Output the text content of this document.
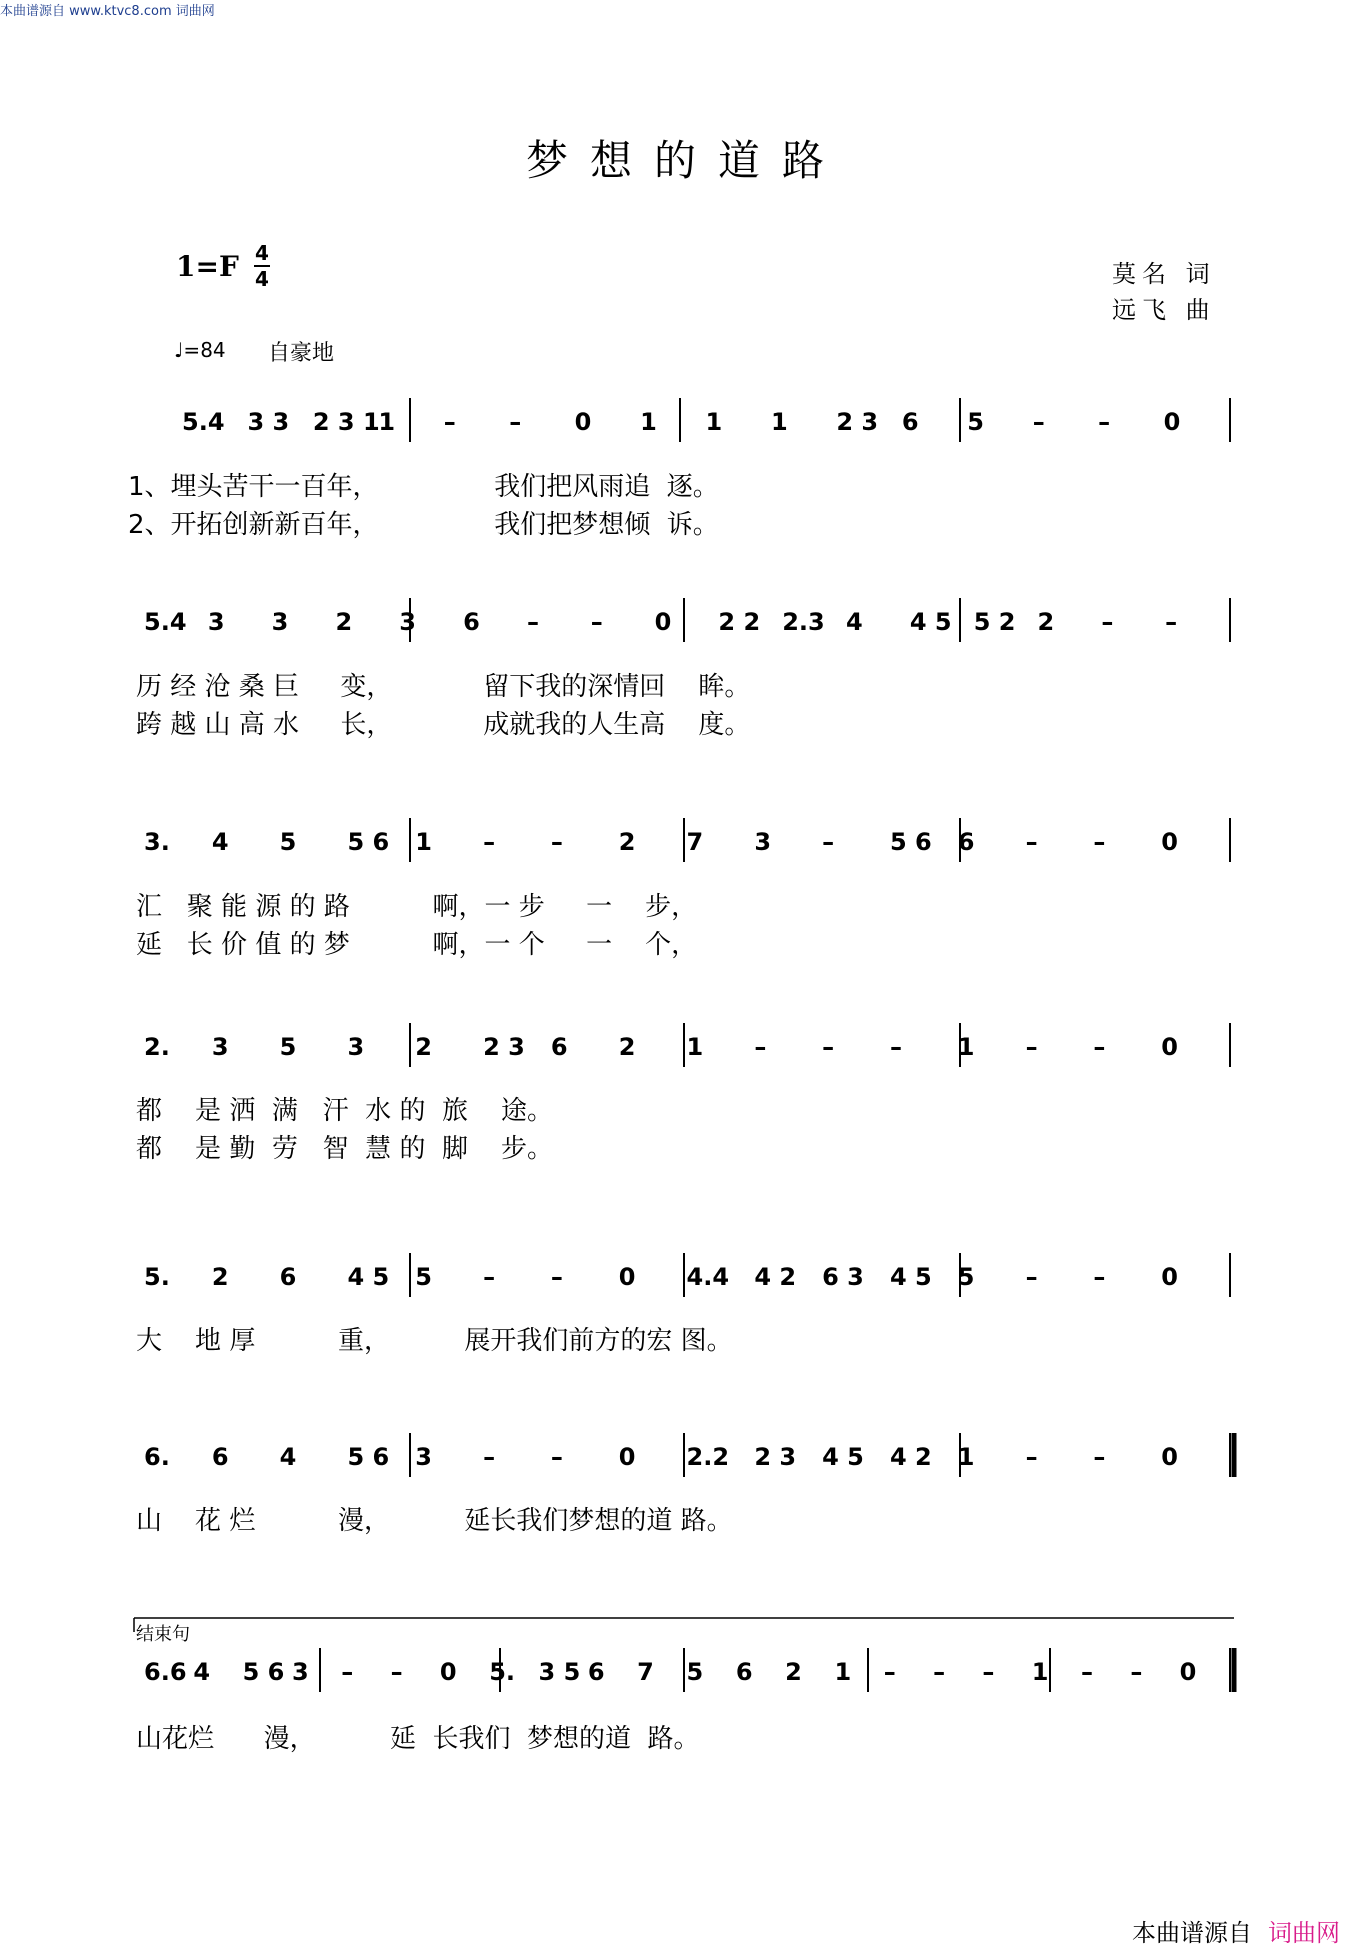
本曲谱源自 www.ktvc8.com 词曲网
梦想的道路
1=F 4
4	莫名 词
远飞 曲
♩=84 自豪地
5.4 3 3 2 3 1
1 – – 0 1 1 1 2 3 6 5 – – 0
5.4 3 3 2 3 6 – – 0 2 2 2.3 4 4 5 5 2 2 – –
3. 4 5 5 6 1 – – 2 7 3 – 5 6 6 – – 0
2. 3 5 3 2 2 3 6 2 1 – – – 1 – – 0
5. 2 6 4 5 5 – – 0 4.4 4 2 6 3 4 5 5 – – 0
6. 6 4 5 6 3 – – 0 2.2 2 3 4 5 4 2 1 – – 0
6.6 4 5 6 3 – – 0 5. 3 5 6 7 5 6 2 1 – – – 1 – – 0
1、埋头苦干一百年，              我们把风雨追  逐。
2、开拓创新新百年，              我们把梦想倾  诉。
历 经 沧 桑 巨     变，           留下我的深情回    眸。
跨 越 山 高 水     长，           成就我的人生高    度。
汇   聚 能 源 的 路          啊，一 步     一    步，
延   长 价 值 的 梦          啊，一 个     一    个，
都    是 洒  满   汗  水 的  旅    途。
都    是 勤  劳   智  慧 的  脚    步。
大    地 厚          重，         展开我们前方的宏 图。
山    花 烂          漫，         延长我们梦想的道 路。
结束句
山花烂      漫，         延  长我们  梦想的道  路。
本曲谱源自 词曲网
